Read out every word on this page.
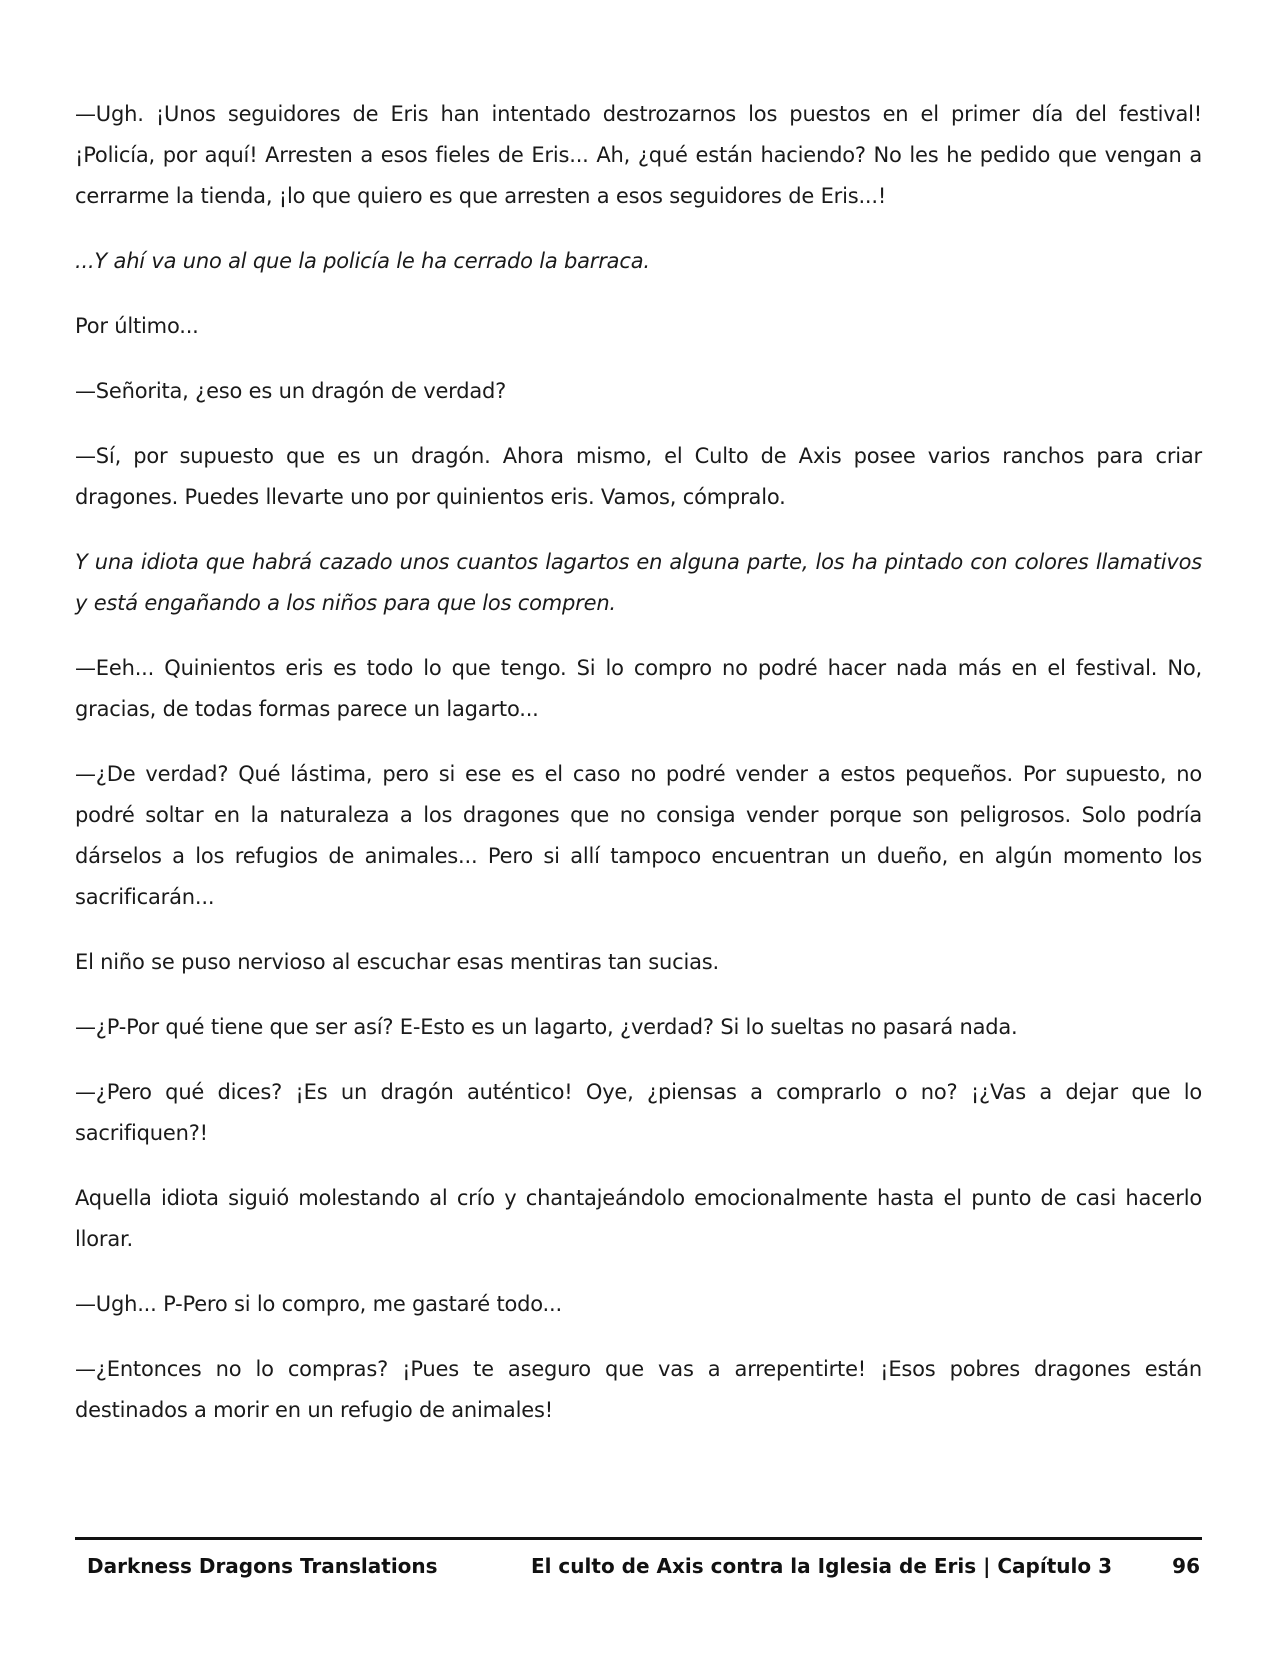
—Ugh. ¡Unos seguidores de Eris han intentado destrozarnos los puestos en el primer día del festival! ¡Policía, por aquí! Arresten a esos fieles de Eris... Ah, ¿qué están haciendo? No les he pedido que vengan a cerrarme la tienda, ¡lo que quiero es que arresten a esos seguidores de Eris...!

...Y ahí va uno al que la policía le ha cerrado la barraca.

Por último...

—Señorita, ¿eso es un dragón de verdad?

—Sí, por supuesto que es un dragón. Ahora mismo, el Culto de Axis posee varios ranchos para criar dragones. Puedes llevarte uno por quinientos eris. Vamos, cómpralo.

Y una idiota que habrá cazado unos cuantos lagartos en alguna parte, los ha pintado con colores llamativos y está engañando a los niños para que los compren.

—Eeh... Quinientos eris es todo lo que tengo. Si lo compro no podré hacer nada más en el festival. No, gracias, de todas formas parece un lagarto...

—¿De verdad? Qué lástima, pero si ese es el caso no podré vender a estos pequeños. Por supuesto, no podré soltar en la naturaleza a los dragones que no consiga vender porque son peligrosos. Solo podría dárselos a los refugios de animales... Pero si allí tampoco encuentran un dueño, en algún momento los sacrificarán...

El niño se puso nervioso al escuchar esas mentiras tan sucias.

—¿P-Por qué tiene que ser así? E-Esto es un lagarto, ¿verdad? Si lo sueltas no pasará nada.

—¿Pero qué dices? ¡Es un dragón auténtico! Oye, ¿piensas a comprarlo o no? ¡¿Vas a dejar que lo sacrifiquen?!

Aquella idiota siguió molestando al crío y chantajeándolo emocionalmente hasta el punto de casi hacerlo llorar.

—Ugh... P-Pero si lo compro, me gastaré todo...

—¿Entonces no lo compras? ¡Pues te aseguro que vas a arrepentirte! ¡Esos pobres dragones están destinados a morir en un refugio de animales!

Darkness Dragons Translations	El culto de Axis contra la Iglesia de Eris | Capítulo 3	96
